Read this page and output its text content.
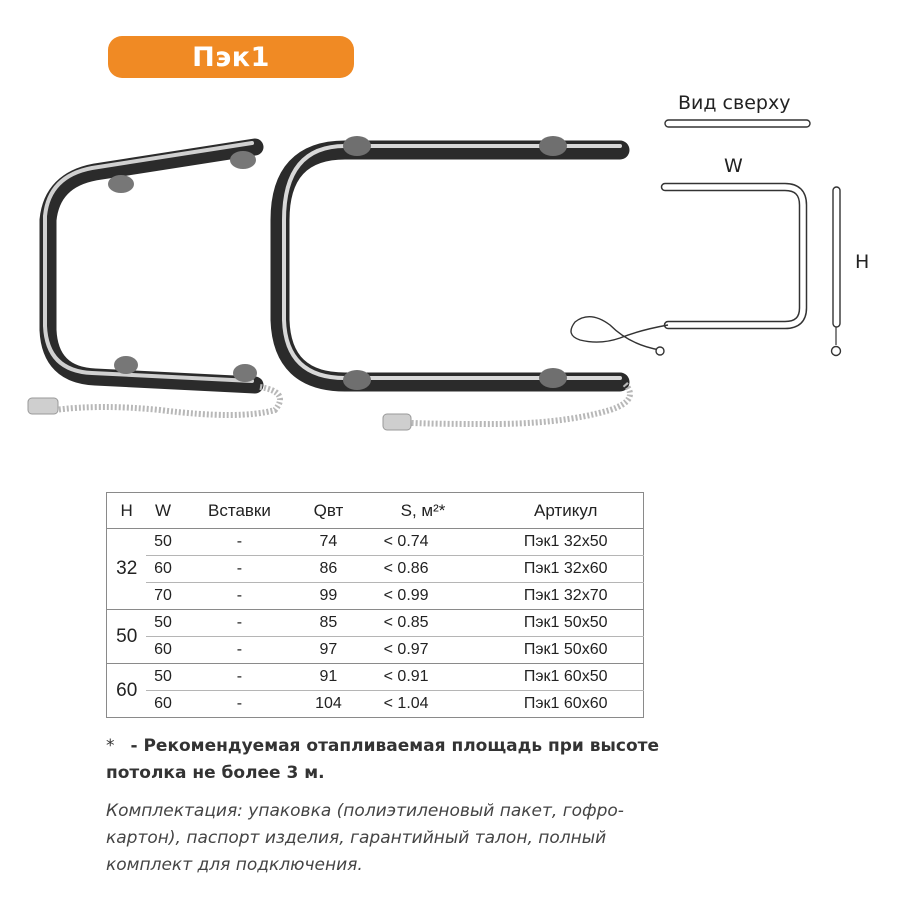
Пэк1
Вид сверху
W
H
H	W	Вставки	Qвт	S, м²*	Артикул
32	50	-	74	< 0.74	Пэк1 32х50
	60	-	86	< 0.86	Пэк1 32х60
	70	-	99	< 0.99	Пэк1 32х70
50	50	-	85	< 0.85	Пэк1 50х50
	60	-	97	< 0.97	Пэк1 50х60
60	50	-	91	< 0.91	Пэк1 60х50
	60	-	104	< 1.04	Пэк1 60х60
* - Рекомендуемая отапливаемая площадь при высоте потолка не более 3 м.
Комплектация: упаковка (полиэтиленовый пакет, гофро-картон), паспорт изделия, гарантийный талон, полный комплект для подключения.
